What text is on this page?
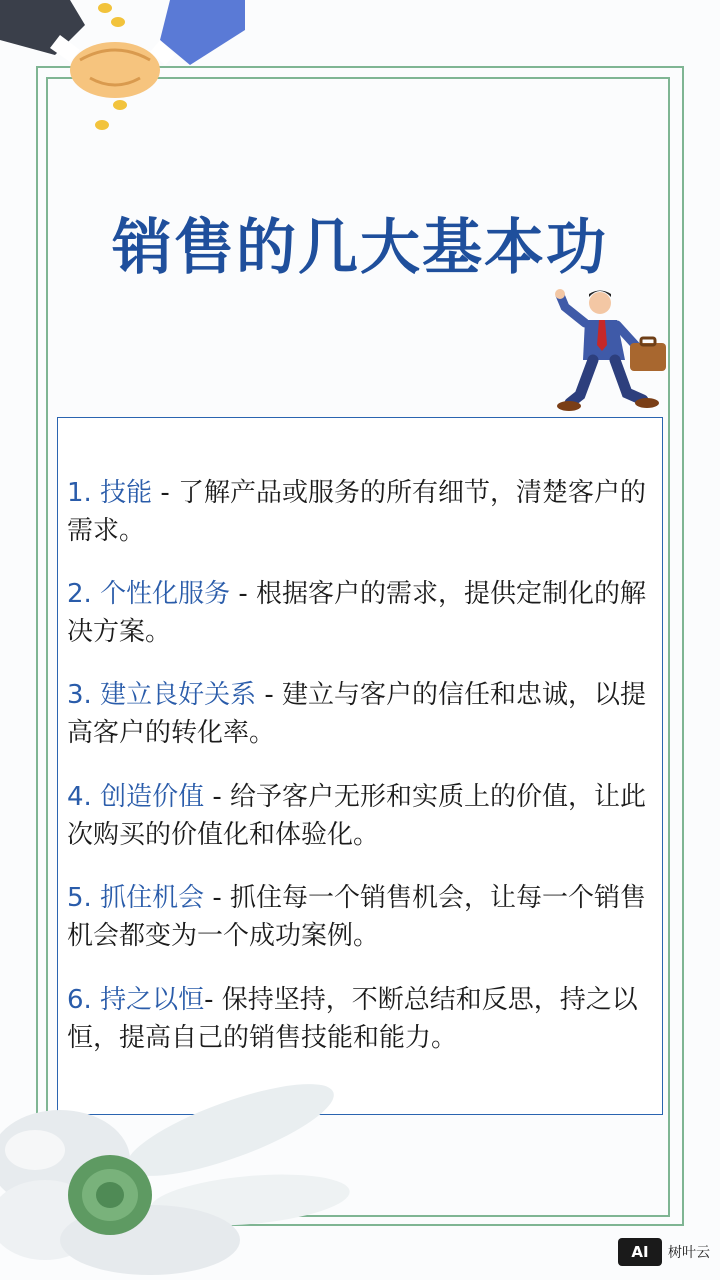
销售的几大基本功
1. 技能 - 了解产品或服务的所有细节，清楚客户的需求。
2. 个性化服务 - 根据客户的需求，提供定制化的解决方案。
3. 建立良好关系 - 建立与客户的信任和忠诚，以提高客户的转化率。
4. 创造价值 - 给予客户无形和实质上的价值，让此次购买的价值化和体验化。
5. 抓住机会 - 抓住每一个销售机会，让每一个销售机会都变为一个成功案例。
6. 持之以恒- 保持坚持，不断总结和反思，持之以恒，提高自己的销售技能和能力。
AI	树叶云
